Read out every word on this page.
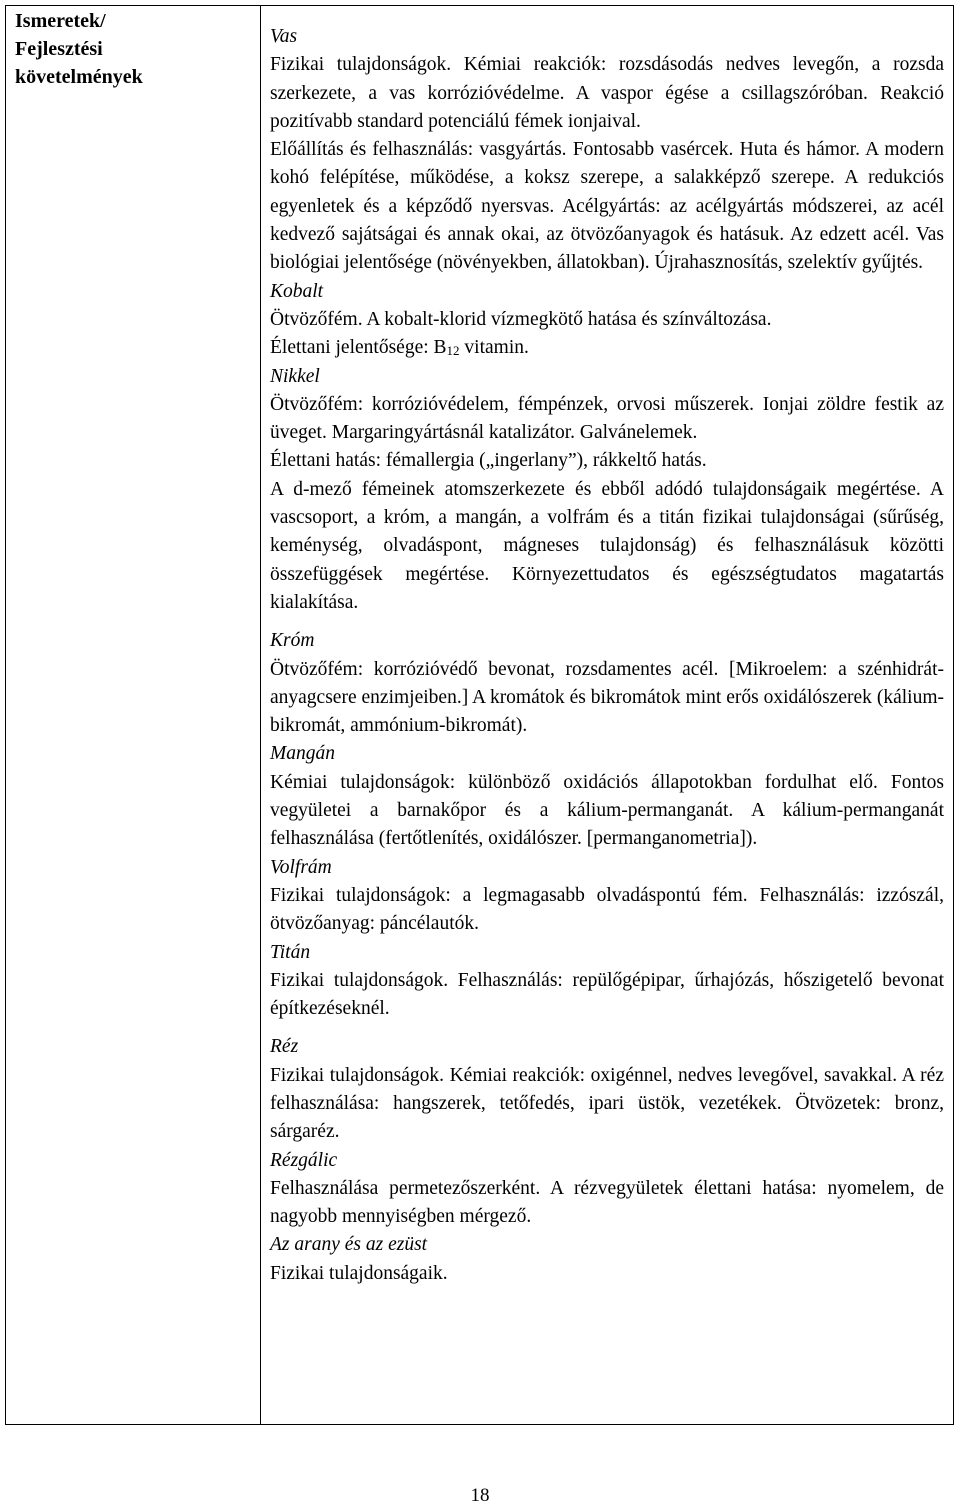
Ismeretek/
Fejlesztési
követelmények

Vas

Fizikai tulajdonságok. Kémiai reakciók: rozsdásodás nedves levegőn, a rozsda szerkezete, a vas korrózióvédelme. A vaspor égése a csillagszóróban. Reakció pozitívabb standard potenciálú fémek ionjaival.

Előállítás és felhasználás: vasgyártás. Fontosabb vasércek. Huta és hámor. A modern kohó felépítése, működése, a koksz szerepe, a salakképző szerepe. A redukciós egyenletek és a képződő nyersvas. Acélgyártás: az acélgyártás módszerei, az acél kedvező sajátságai és annak okai, az ötvözőanyagok és hatásuk. Az edzett acél. Vas biológiai jelentősége (növényekben, állatokban). Újrahasznosítás, szelektív gyűjtés.

Kobalt

Ötvözőfém. A kobalt-klorid vízmegkötő hatása és színváltozása.

Élettani jelentősége: $B_{12}$ vitamin.

Nikkel

Ötvözőfém: korrózióvédelem, fémpénzek, orvosi műszerek. Ionjai zöldre festik az üveget. Margaringyártásnál katalizátor. Galvánelemek.

Élettani hatás: fémallergia („ingerlany”), rákkeltő hatás.

A d-mező fémeinek atomszerkezete és ebből adódó tulajdonságaik megértése. A vascsoport, a króm, a mangán, a volfrám és a titán fizikai tulajdonságai (sűrűség, keménység, olvadáspont, mágneses tulajdonság) és felhasználásuk közötti összefüggések megértése. Környezettudatos és egészségtudatos magatartás kialakítása.

Króm

Ötvözőfém: korrózióvédő bevonat, rozsdamentes acél. [Mikroelem: a szénhidrát-anyagcsere enzimjeiben.] A kromátok és bikromátok mint erős oxidálószerek (kálium-bikromát, ammónium-bikromát).

Mangán

Kémiai tulajdonságok: különböző oxidációs állapotokban fordulhat elő. Fontos vegyületei a barnakőpor és a kálium-permanganát. A kálium-permanganát felhasználása (fertőtlenítés, oxidálószer. [permanganometria]).

Volfrám

Fizikai tulajdonságok: a legmagasabb olvadáspontú fém. Felhasználás: izzószál, ötvözőanyag: páncélautók.

Titán

Fizikai tulajdonságok. Felhasználás: repülőgépipar, űrhajózás, hőszigetelő bevonat építkezéseknél.

Réz

Fizikai tulajdonságok. Kémiai reakciók: oxigénnel, nedves levegővel, savakkal. A réz felhasználása: hangszerek, tetőfedés, ipari üstök, vezetékek. Ötvözetek: bronz, sárgaréz.

Rézgálic

Felhasználása permetezőszerként. A rézvegyületek élettani hatása: nyomelem, de nagyobb mennyiségben mérgező.

Az arany és az ezüst

Fizikai tulajdonságaik.

18
